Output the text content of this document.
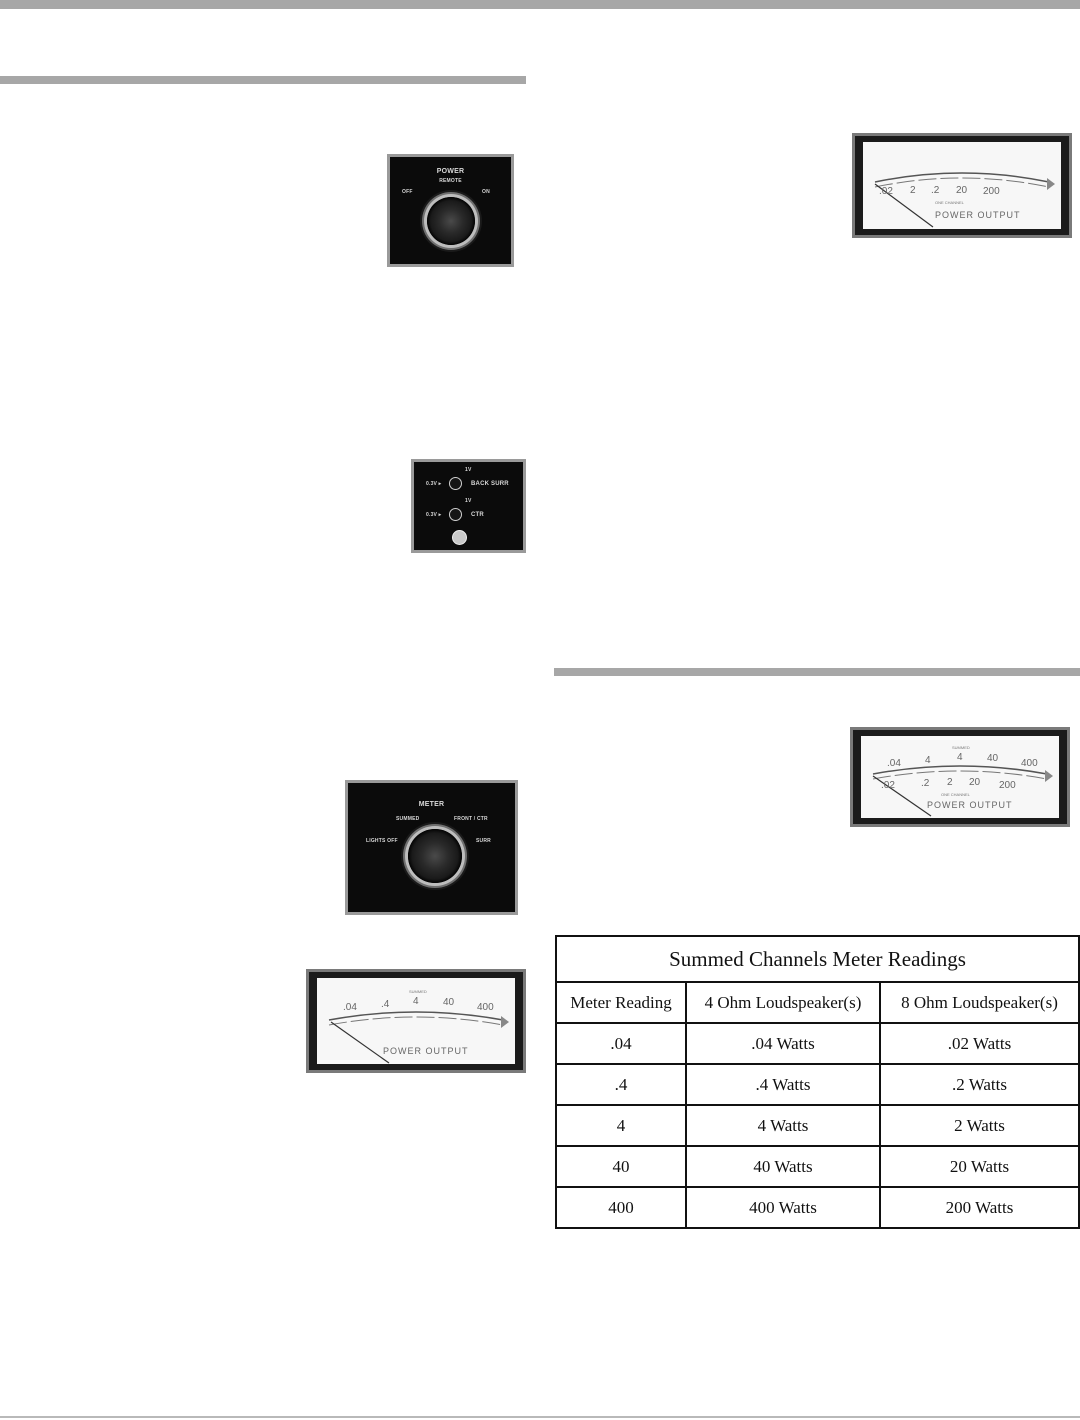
POWER
REMOTE
OFF	ON
1V
0.3V ▸	BACK SURR
1V
0.3V ▸	CTR
METER
SUMMED	FRONT / CTR
LIGHTS OFF	SURR
.02 2 .2 20 200
ONE CHANNEL
POWER OUTPUT
SUMMED
.04 4	4 40 400
.02	.2 2 20 200
ONE CHANNEL
POWER OUTPUT
SUMMED
.04 .4 4 40 400
POWER OUTPUT
Summed Channels Meter Readings		
Meter Reading	4 Ohm Loudspeaker(s)	8 Ohm Loudspeaker(s)
.04	.04 Watts	.02 Watts
.4	.4 Watts	.2 Watts
4	4 Watts	2 Watts
40	40 Watts	20 Watts
400	400 Watts	200 Watts
